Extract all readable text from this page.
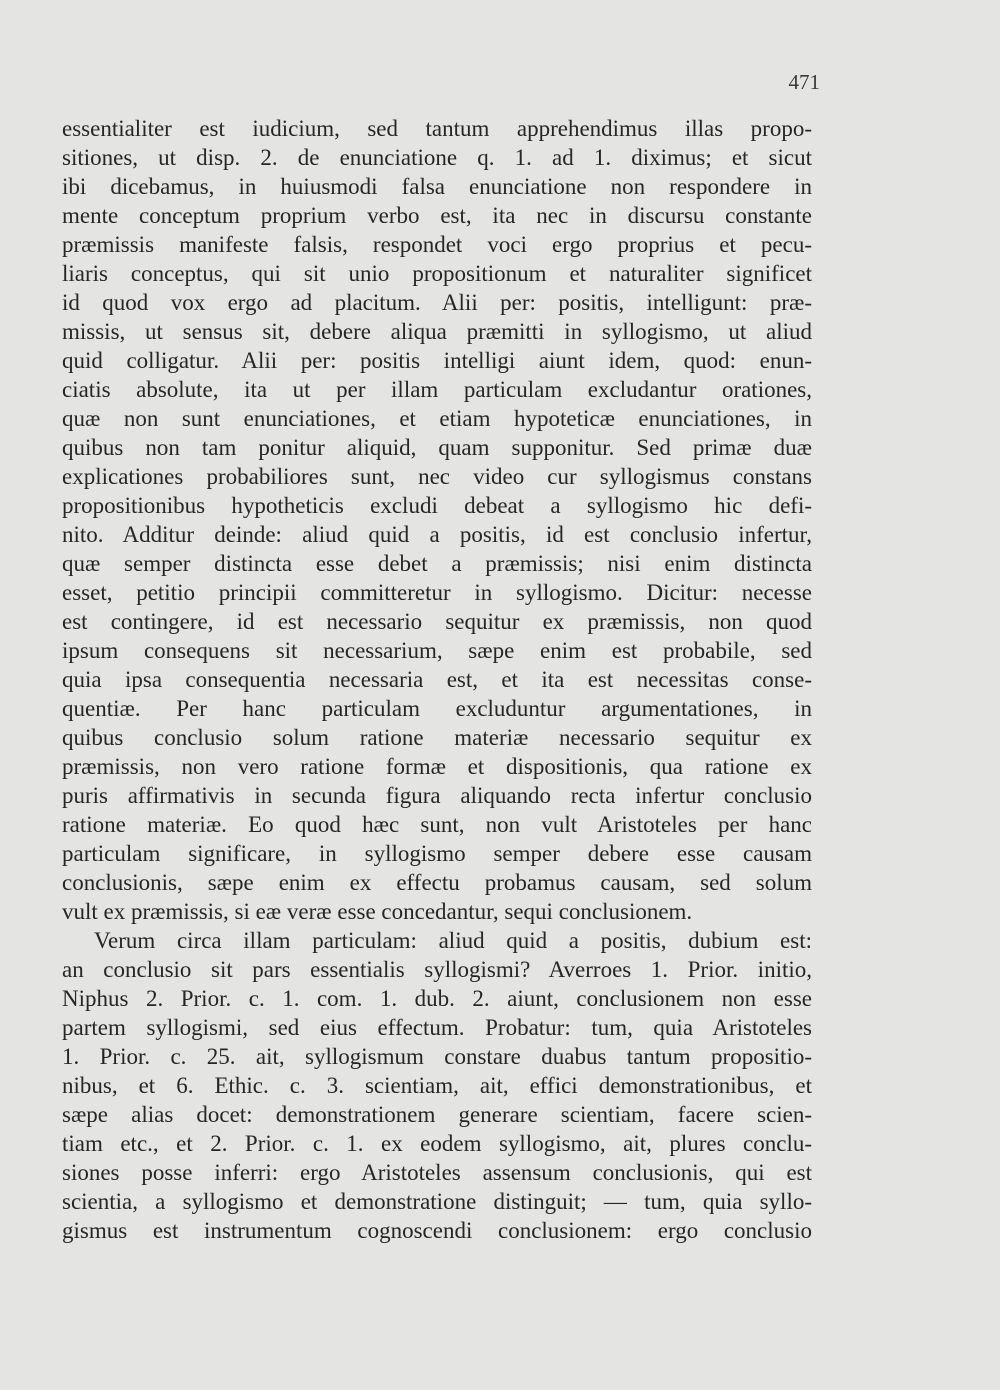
471
essentialiter est iudicium, sed tantum apprehendimus illas propo-
sitiones, ut disp. 2. de enunciatione q. 1. ad 1. diximus; et sicut
ibi dicebamus, in huiusmodi falsa enunciatione non respondere in
mente conceptum proprium verbo est, ita nec in discursu constante
præmissis manifeste falsis, respondet voci ergo proprius et pecu-
liaris conceptus, qui sit unio propositionum et naturaliter significet
id quod vox ergo ad placitum. Alii per: positis, intelligunt: præ-
missis, ut sensus sit, debere aliqua præmitti in syllogismo, ut aliud
quid colligatur. Alii per: positis intelligi aiunt idem, quod: enun-
ciatis absolute, ita ut per illam particulam excludantur orationes,
quæ non sunt enunciationes, et etiam hypoteticæ enunciationes, in
quibus non tam ponitur aliquid, quam supponitur. Sed primæ duæ
explicationes probabiliores sunt, nec video cur syllogismus constans
propositionibus hypotheticis excludi debeat a syllogismo hic defi-
nito. Additur deinde: aliud quid a positis, id est conclusio infertur,
quæ semper distincta esse debet a præmissis; nisi enim distincta
esset, petitio principii committeretur in syllogismo. Dicitur: necesse
est contingere, id est necessario sequitur ex præmissis, non quod
ipsum consequens sit necessarium, sæpe enim est probabile, sed
quia ipsa consequentia necessaria est, et ita est necessitas conse-
quentiæ. Per hanc particulam excluduntur argumentationes, in
quibus conclusio solum ratione materiæ necessario sequitur ex
præmissis, non vero ratione formæ et dispositionis, qua ratione ex
puris affirmativis in secunda figura aliquando recta infertur conclusio
ratione materiæ. Eo quod hæc sunt, non vult Aristoteles per hanc
particulam significare, in syllogismo semper debere esse causam
conclusionis, sæpe enim ex effectu probamus causam, sed solum
vult ex præmissis, si eæ veræ esse concedantur, sequi conclusionem.
Verum circa illam particulam: aliud quid a positis, dubium est:
an conclusio sit pars essentialis syllogismi? Averroes 1. Prior. initio,
Niphus 2. Prior. c. 1. com. 1. dub. 2. aiunt, conclusionem non esse
partem syllogismi, sed eius effectum. Probatur: tum, quia Aristoteles
1. Prior. c. 25. ait, syllogismum constare duabus tantum propositio-
nibus, et 6. Ethic. c. 3. scientiam, ait, effici demonstrationibus, et
sæpe alias docet: demonstrationem generare scientiam, facere scien-
tiam etc., et 2. Prior. c. 1. ex eodem syllogismo, ait, plures conclu-
siones posse inferri: ergo Aristoteles assensum conclusionis, qui est
scientia, a syllogismo et demonstratione distinguit; — tum, quia syllo-
gismus est instrumentum cognoscendi conclusionem: ergo conclusio
